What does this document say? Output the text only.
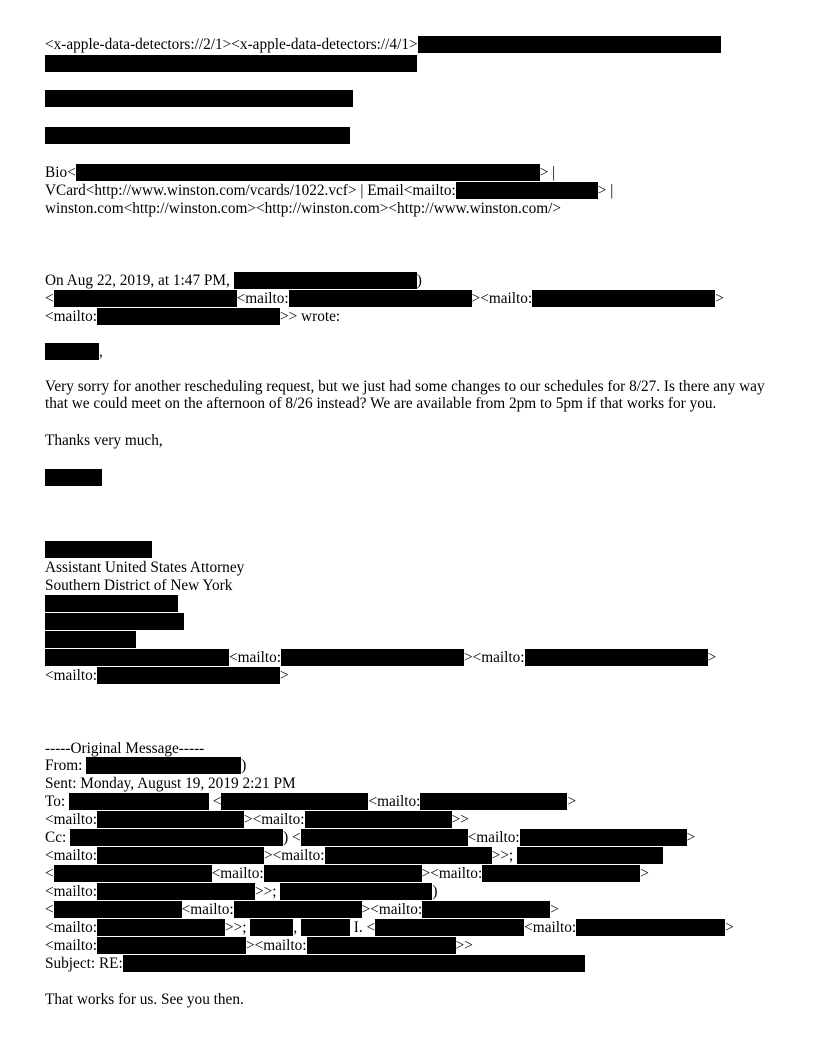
<x-apple-data-detectors://2/1><x-apple-data-detectors://4/1>
Bio<	> |
VCard<http://www.winston.com/vcards/1022.vcf> | Email<mailto:	> |
winston.com<http://winston.com><http://winston.com><http://www.winston.com/>
On Aug 22, 2019, at 1:47 PM,	)
<	<mailto:	><mailto:	>
<mailto:	>> wrote:
,
Very sorry for another rescheduling request, but we just had some changes to our schedules for 8/27. Is there any way that we could meet on the afternoon of 8/26 instead? We are available from 2pm to 5pm if that works for you.
Thanks very much,
Assistant United States Attorney
Southern District of New York
<mailto:	><mailto:	>
<mailto:	>
-----Original Message-----
From:	)
Sent: Monday, August 19, 2019 2:21 PM
To:	<	<mailto:	>
<mailto:	><mailto:	>>
Cc:	) <	<mailto:	>
<mailto:	><mailto:	>>;
<	<mailto:	><mailto:	>
<mailto:	>>;	)
<	<mailto:	><mailto:	>
<mailto:	>>;	,	I. <	<mailto:	>
<mailto:	><mailto:	>>
Subject: RE:
That works for us. See you then.
